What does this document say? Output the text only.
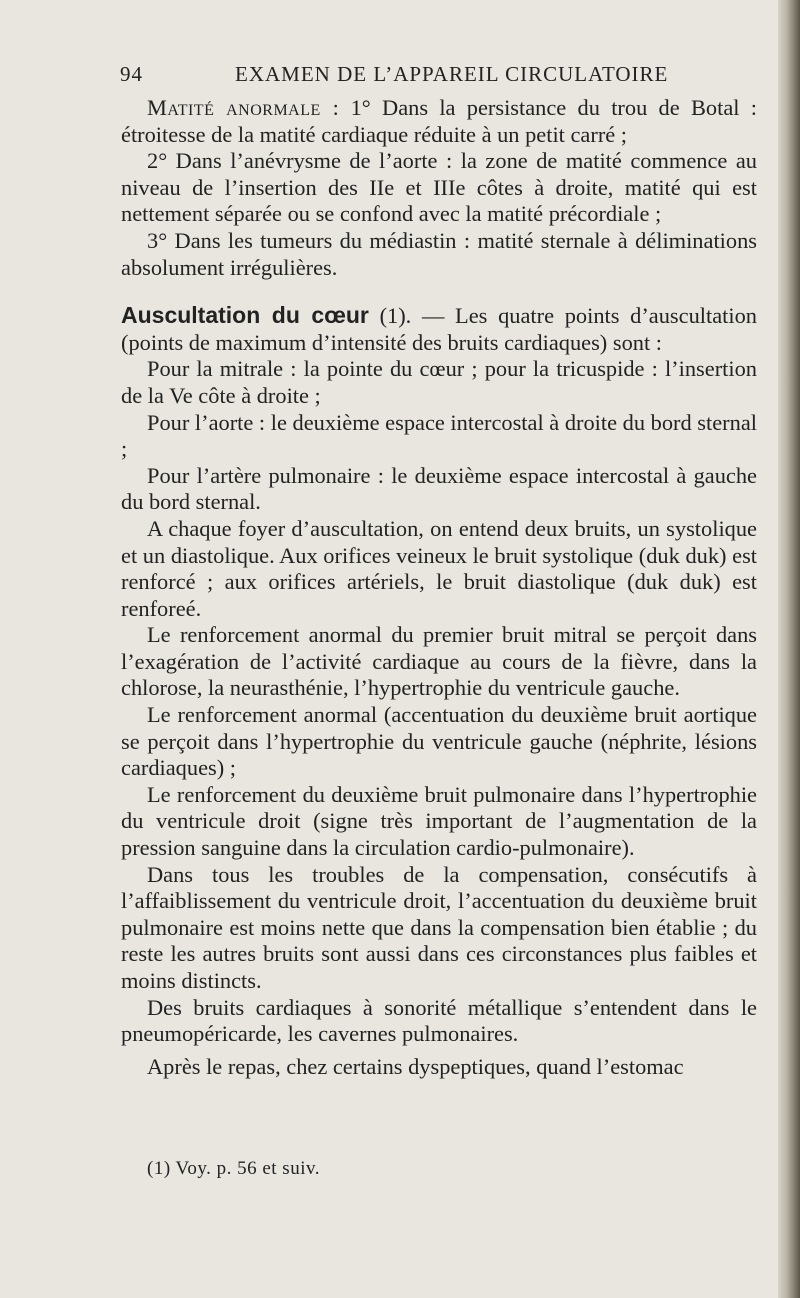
94	EXAMEN DE L’APPAREIL CIRCULATOIRE

Matité anormale : 1° Dans la persistance du trou de Botal : étroitesse de la matité cardiaque réduite à un petit carré ;

2° Dans l’anévrysme de l’aorte : la zone de matité commence au niveau de l’insertion des IIe et IIIe côtes à droite, matité qui est nettement séparée ou se confond avec la matité précordiale ;

3° Dans les tumeurs du médiastin : matité sternale à déliminations absolument irrégulières.

Auscultation du cœur (1). — Les quatre points d’auscultation (points de maximum d’intensité des bruits cardiaques) sont :

Pour la mitrale : la pointe du cœur ; pour la tricuspide : l’insertion de la Ve côte à droite ;

Pour l’aorte : le deuxième espace intercostal à droite du bord sternal ;

Pour l’artère pulmonaire : le deuxième espace intercostal à gauche du bord sternal.

A chaque foyer d’auscultation, on entend deux bruits, un systolique et un diastolique. Aux orifices veineux le bruit systolique (duk duk) est renforcé ; aux orifices artériels, le bruit diastolique (duk duk) est renforeé.

Le renforcement anormal du premier bruit mitral se perçoit dans l’exagération de l’activité cardiaque au cours de la fièvre, dans la chlorose, la neurasthénie, l’hypertrophie du ventricule gauche.

Le renforcement anormal (accentuation du deuxième bruit aortique se perçoit dans l’hypertrophie du ventricule gauche (néphrite, lésions cardiaques) ;

Le renforcement du deuxième bruit pulmonaire dans l’hypertrophie du ventricule droit (signe très important de l’augmentation de la pression sanguine dans la circulation cardio-pulmonaire).

Dans tous les troubles de la compensation, consécutifs à l’affaiblissement du ventricule droit, l’accentuation du deuxième bruit pulmonaire est moins nette que dans la compensation bien établie ; du reste les autres bruits sont aussi dans ces circonstances plus faibles et moins distincts.

Des bruits cardiaques à sonorité métallique s’entendent dans le pneumopéricarde, les cavernes pulmonaires.

Après le repas, chez certains dyspeptiques, quand l’estomac

(1) Voy. p. 56 et suiv.
